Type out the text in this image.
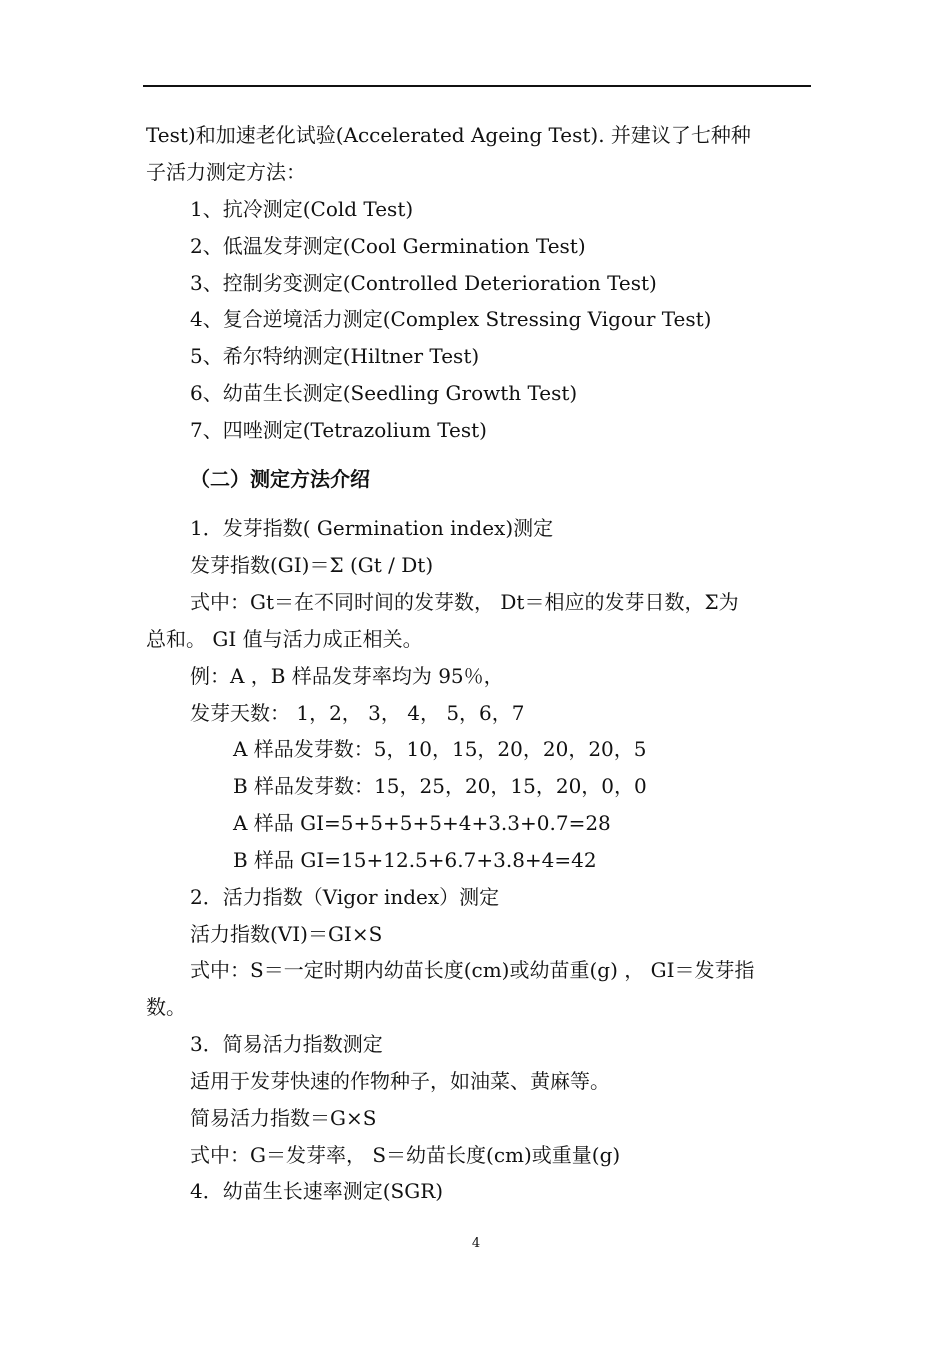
Test)和加速老化试验(Accelerated Ageing Test). 并建议了七种种
子活力测定方法：
1、抗冷测定(Cold Test)
2、低温发芽测定(Cool Germination Test)
3、控制劣变测定(Controlled Deterioration Test)
4、复合逆境活力测定(Complex Stressing Vigour Test)
5、希尔特纳测定(Hiltner Test)
6、幼苗生长测定(Seedling Growth Test)
7、四唑测定(Tetrazolium Test)
（二）测定方法介绍
1．发芽指数( Germination index)测定
发芽指数(GI)＝Σ (Gt / Dt)
式中：Gt＝在不同时间的发芽数， Dt＝相应的发芽日数，Σ为
总和。 GI 值与活力成正相关。
例：A ，B 样品发芽率均为 95％，
发芽天数： 1，2， 3， 4， 5，6，7
A 样品发芽数：5，10，15，20，20，20，5
B 样品发芽数：15，25，20，15，20，0，0
A 样品 GI=5+5+5+5+4+3.3+0.7=28
B 样品 GI=15+12.5+6.7+3.8+4=42
2．活力指数（Vigor index）测定
活力指数(VI)＝GI×S
式中：S＝一定时期内幼苗长度(cm)或幼苗重(g) ， GI＝发芽指
数。
3．简易活力指数测定
适用于发芽快速的作物种子，如油菜、黄麻等。
简易活力指数＝G×S
式中：G＝发芽率， S＝幼苗长度(cm)或重量(g)
4．幼苗生长速率测定(SGR)
4
